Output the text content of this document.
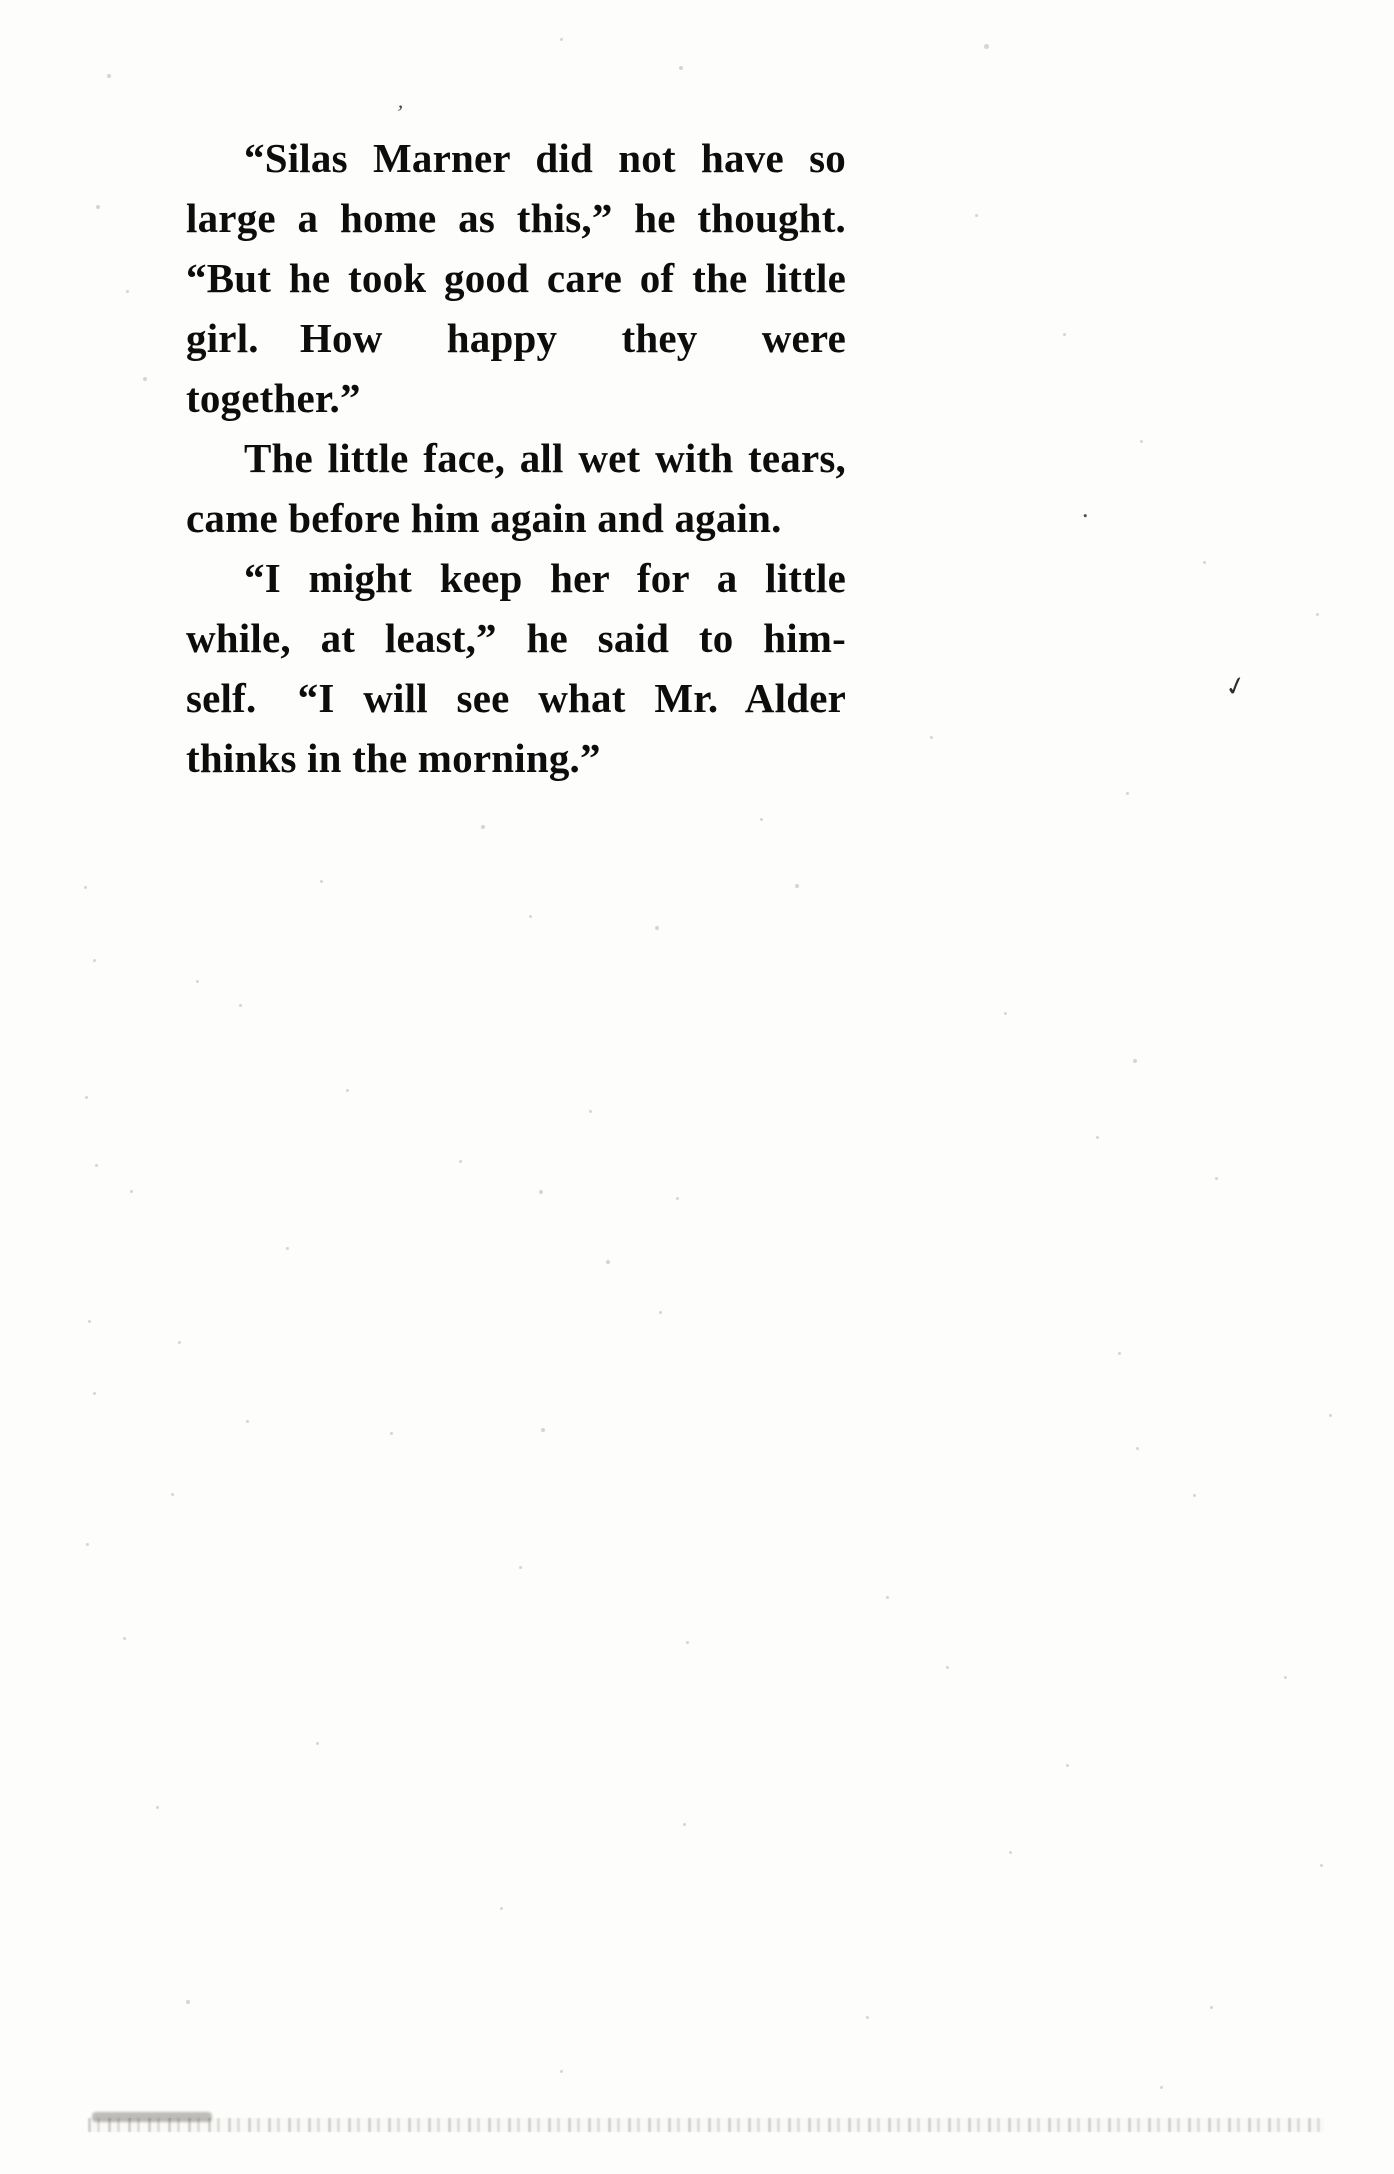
“Silas Marner did not have so large a home as this,” he thought. “But he took good care of the little girl. How happy they were together.”

The little face, all wet with tears, came before him again and again.

“I might keep her for a little while, at least,” he said to him-self. “I will see what Mr. Alder thinks in the morning.”

’
.
✓
